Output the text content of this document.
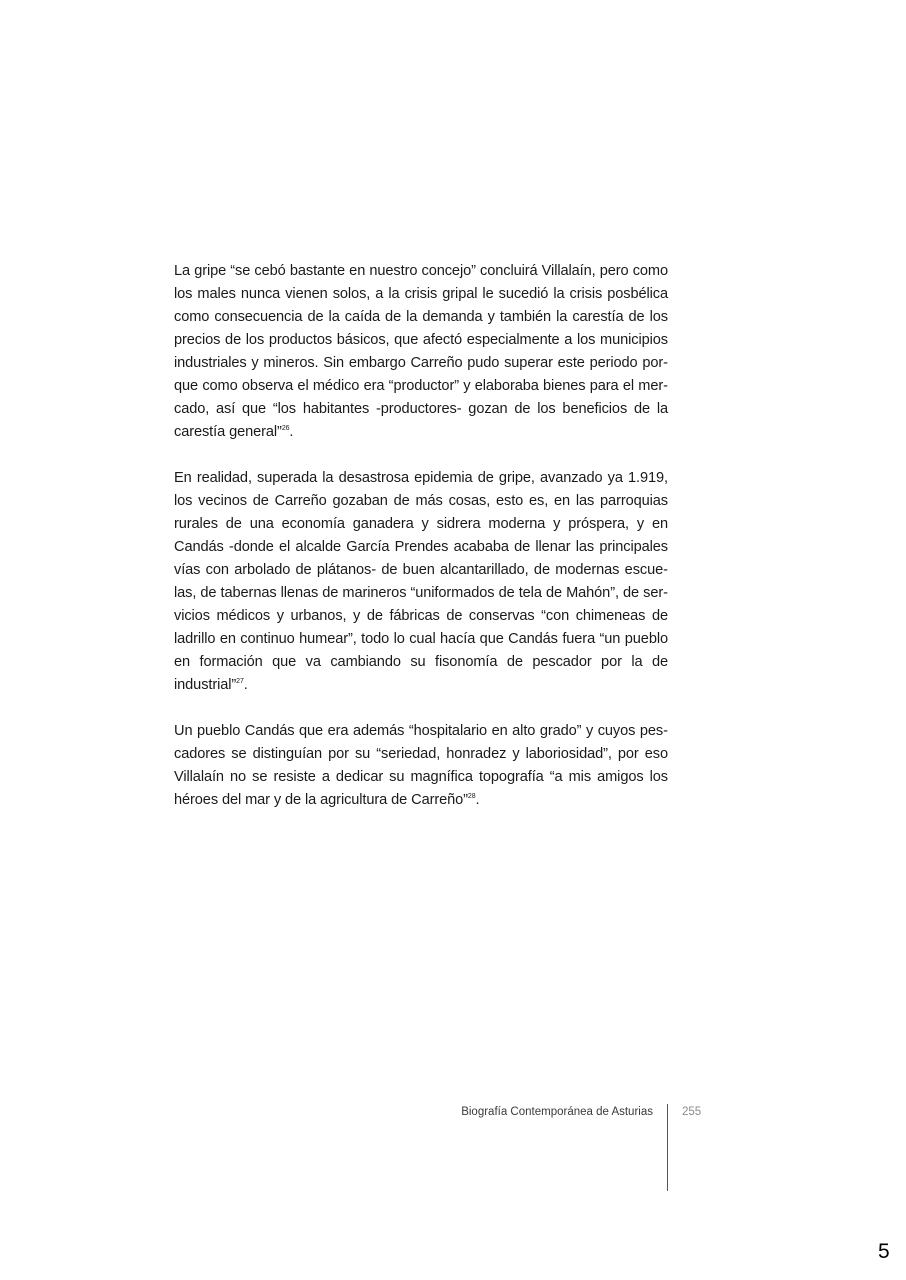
La gripe “se cebó bastante en nuestro concejo” concluirá Villalaín, pero como los males nunca vienen solos, a la crisis gripal le sucedió la crisis posbélica como consecuencia de la caída de la demanda y también la carestía de los precios de los productos básicos, que afectó especialmente a los municipios industriales y mineros. Sin embargo Carreño pudo superar este periodo porque como observa el médico era “productor” y elaboraba bienes para el mercado, así que “los habitantes -productores- gozan de los beneficios de la carestía general”$^{26}$.

En realidad, superada la desastrosa epidemia de gripe, avanzado ya 1.919, los vecinos de Carreño gozaban de más cosas, esto es, en las parroquias rurales de una economía ganadera y sidrera moderna y próspera, y en Candás -donde el alcalde García Prendes acababa de llenar las principales vías con arbolado de plátanos- de buen alcantarillado, de modernas escuelas, de tabernas llenas de marineros “uniformados de tela de Mahón”, de servicios médicos y urbanos, y de fábricas de conservas “con chimeneas de ladrillo en continuo humear”, todo lo cual hacía que Candás fuera “un pueblo en formación que va cambiando su fisonomía de pescador por la de industrial”$^{27}$.

Un pueblo Candás que era además “hospitalario en alto grado” y cuyos pescadores se distinguían por su “seriedad, honradez y laboriosidad”, por eso Villalaín no se resiste a dedicar su magnífica topografía “a mis amigos los héroes del mar y de la agricultura de Carreño”$^{28}$.

Biografía Contemporánea de Asturias	255
5
